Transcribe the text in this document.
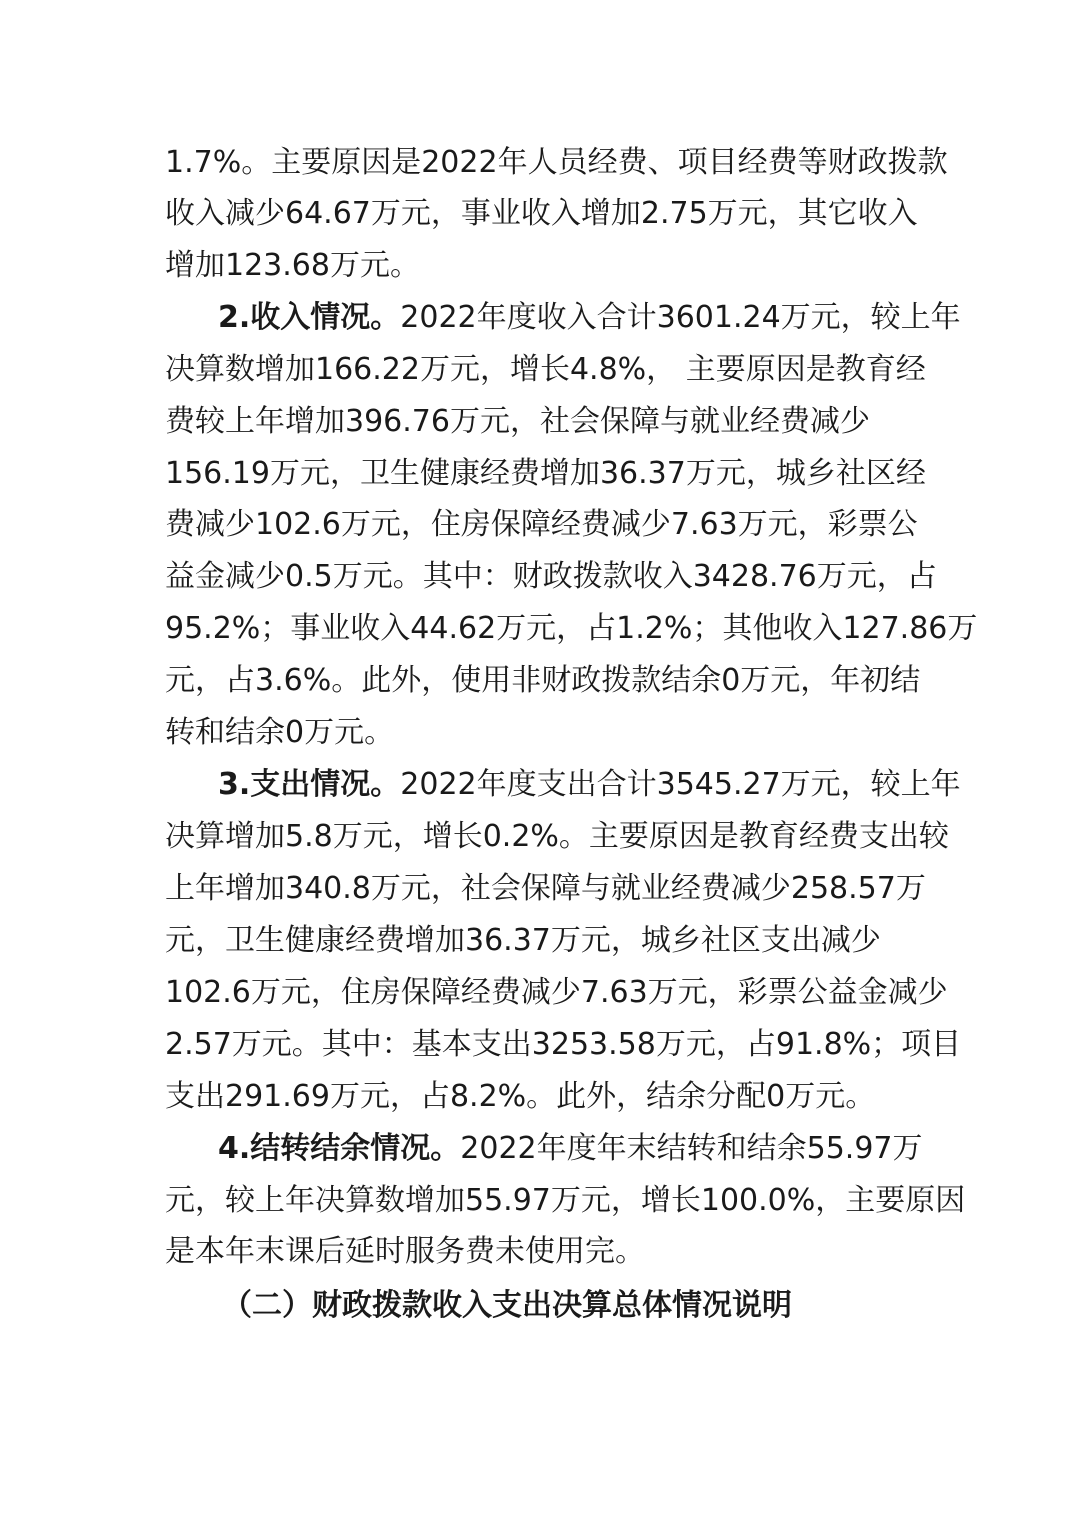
1.7%。主要原因是2022年人员经费、项目经费等财政拨款
收入减少64.67万元，事业收入增加2.75万元，其它收入
增加123.68万元。
2.收入情况。2022年度收入合计3601.24万元，较上年
决算数增加166.22万元，增长4.8%， 主要原因是教育经
费较上年增加396.76万元，社会保障与就业经费减少
156.19万元，卫生健康经费增加36.37万元，城乡社区经
费减少102.6万元，住房保障经费减少7.63万元，彩票公
益金减少0.5万元。其中：财政拨款收入3428.76万元，占
95.2%；事业收入44.62万元，占1.2%；其他收入127.86万
元，占3.6%。此外，使用非财政拨款结余0万元，年初结
转和结余0万元。
3.支出情况。2022年度支出合计3545.27万元，较上年
决算增加5.8万元，增长0.2%。主要原因是教育经费支出较
上年增加340.8万元，社会保障与就业经费减少258.57万
元，卫生健康经费增加36.37万元，城乡社区支出减少
102.6万元，住房保障经费减少7.63万元，彩票公益金减少
2.57万元。其中：基本支出3253.58万元，占91.8%；项目
支出291.69万元，占8.2%。此外，结余分配0万元。
4.结转结余情况。2022年度年末结转和结余55.97万
元，较上年决算数增加55.97万元，增长100.0%，主要原因
是本年末课后延时服务费未使用完。
（二）财政拨款收入支出决算总体情况说明
